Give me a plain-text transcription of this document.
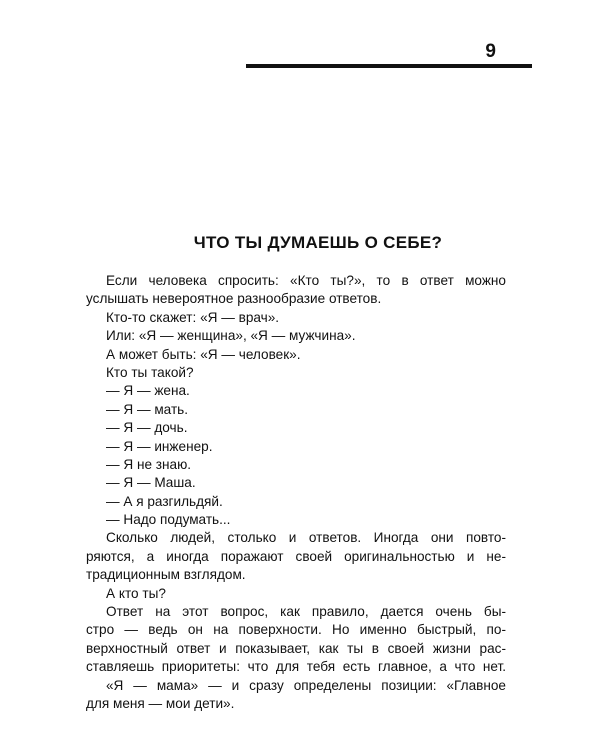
9
ЧТО ТЫ ДУМАЕШЬ О СЕБЕ?
Если человека спросить: «Кто ты?», то в ответ можно
услышать невероятное разнообразие ответов.
Кто-то скажет: «Я — врач».
Или: «Я — женщина», «Я — мужчина».
А может быть: «Я — человек».
Кто ты такой?
— Я — жена.
— Я — мать.
— Я — дочь.
— Я — инженер.
— Я не знаю.
— Я — Маша.
— А я разгильдяй.
— Надо подумать...
Сколько людей, столько и ответов. Иногда они повто-
ряются, а иногда поражают своей оригинальностью и не-
традиционным взглядом.
А кто ты?
Ответ на этот вопрос, как правило, дается очень бы-
стро — ведь он на поверхности. Но именно быстрый, по-
верхностный ответ и показывает, как ты в своей жизни рас-
ставляешь приоритеты: что для тебя есть главное, а что нет.
«Я — мама» — и сразу определены позиции: «Главное
для меня — мои дети».
